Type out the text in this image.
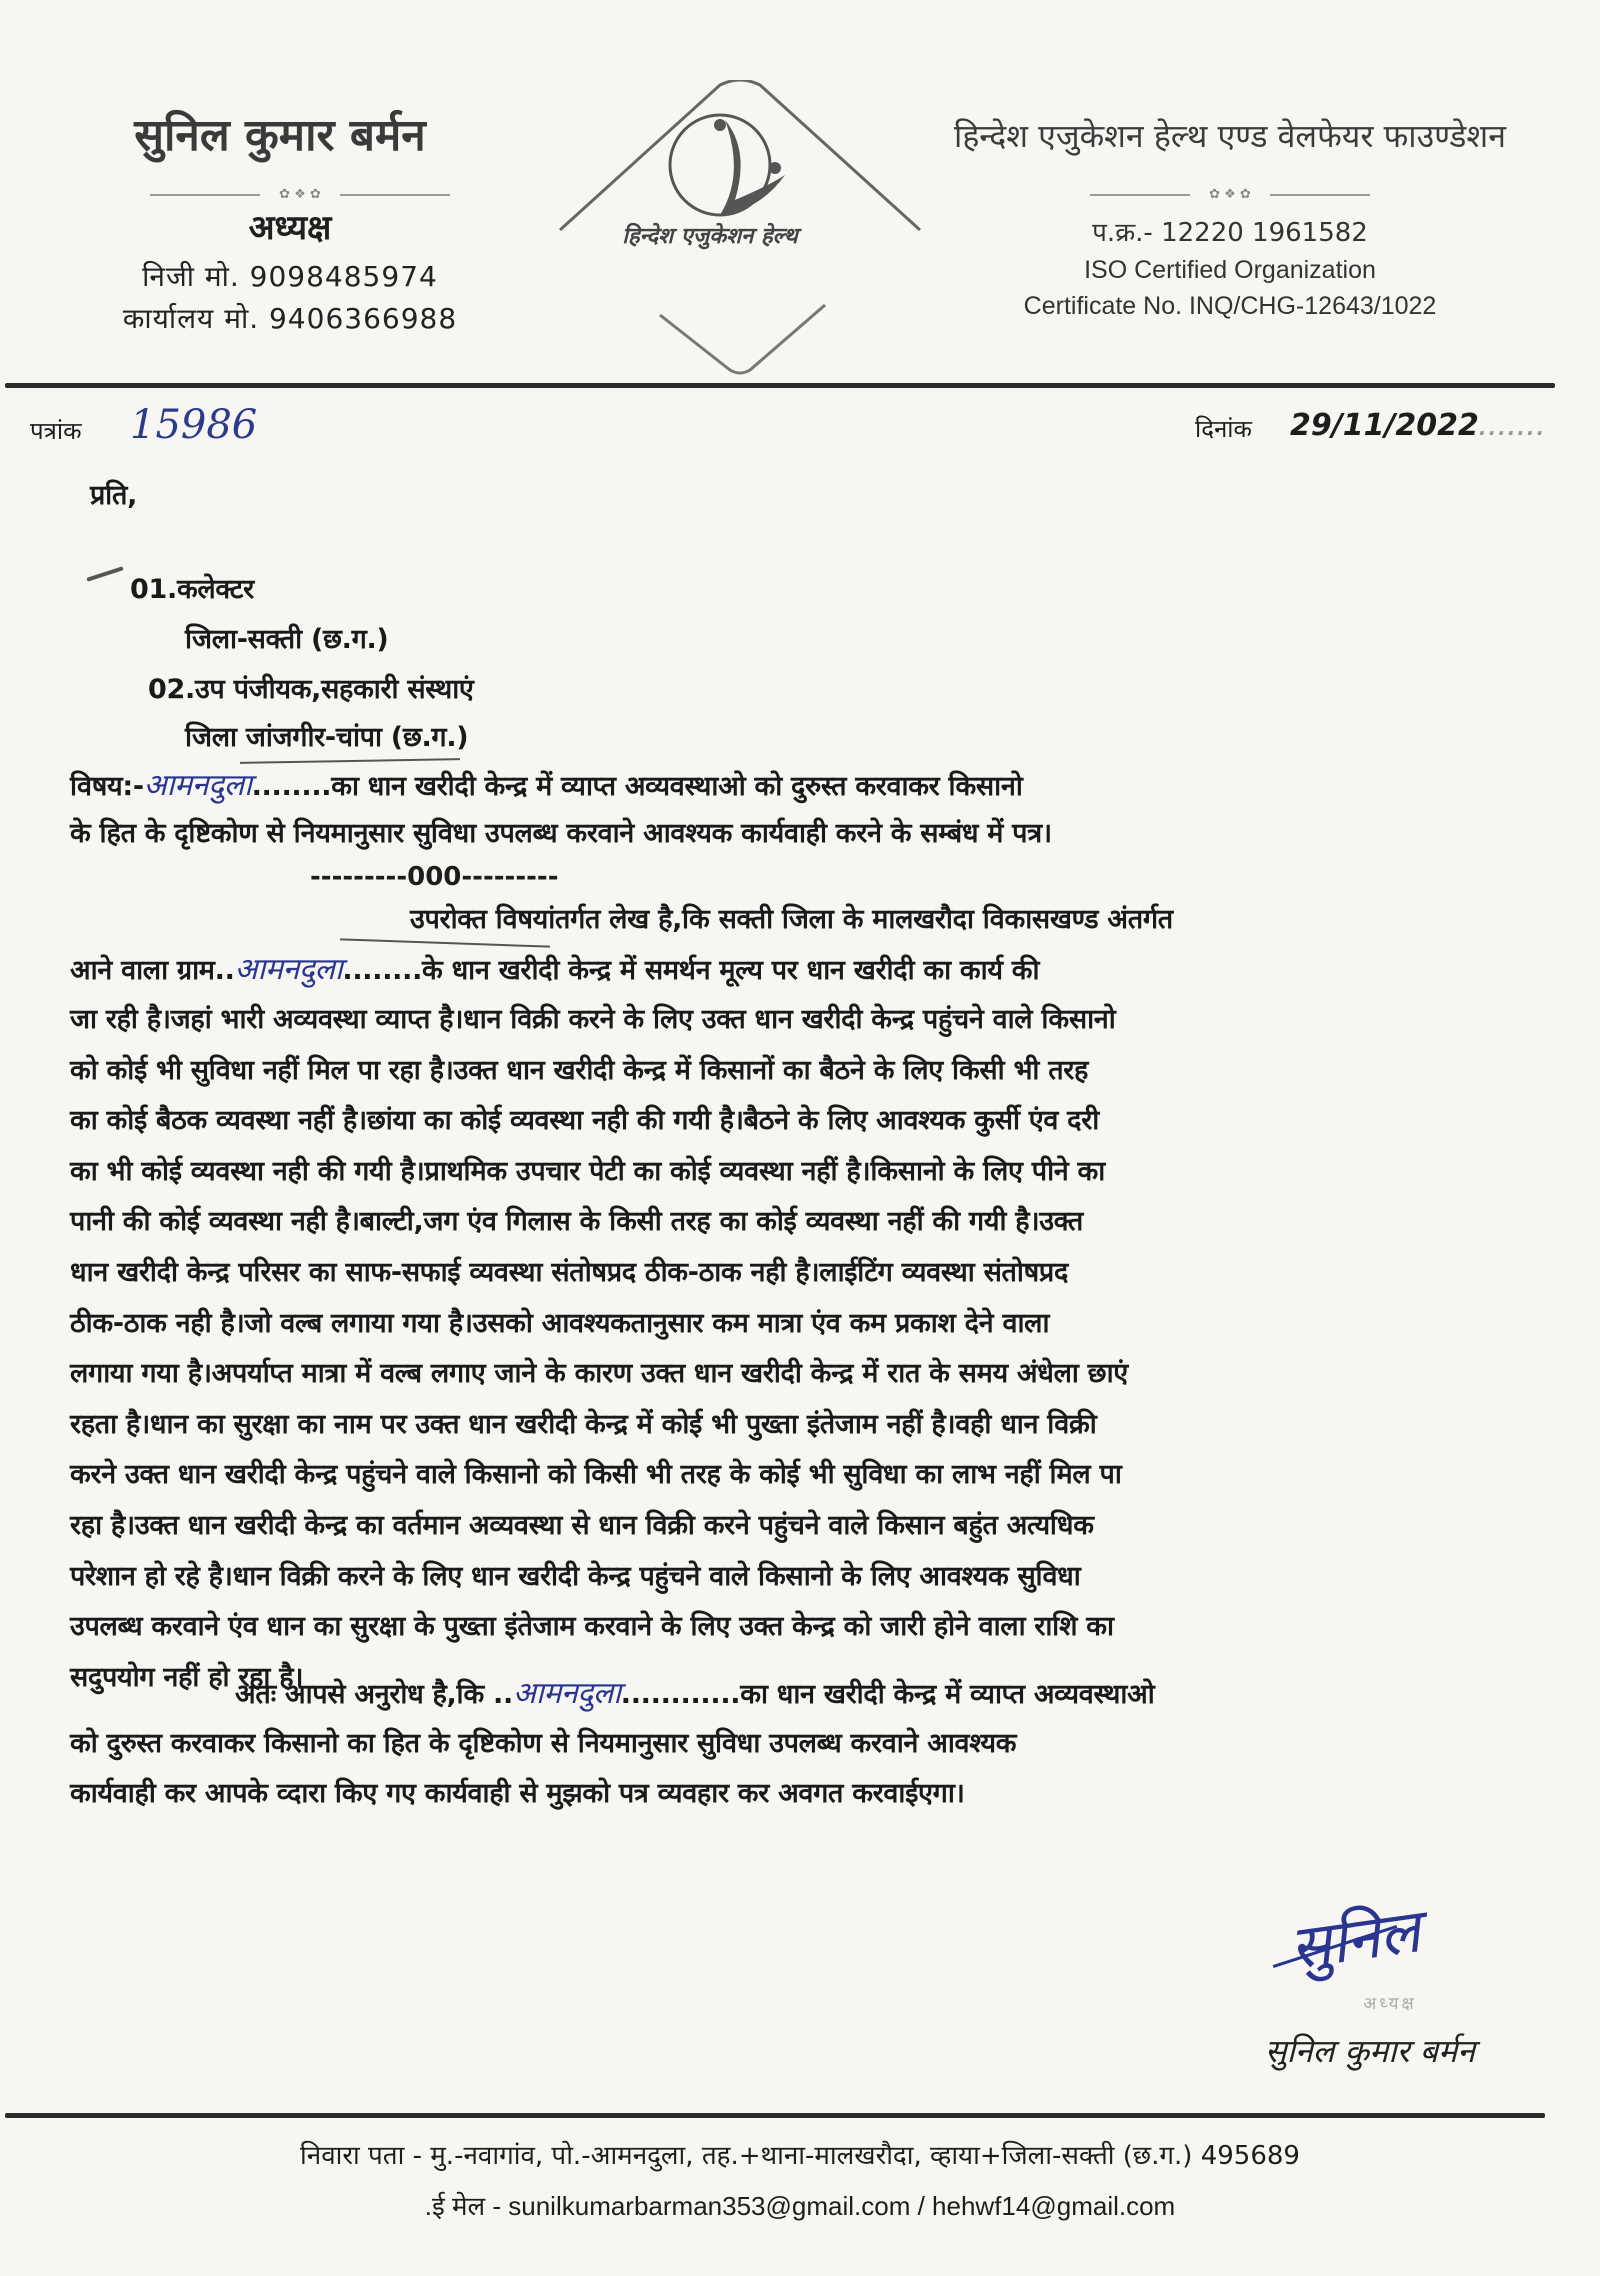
सुनिल कुमार बर्मन
✿ ❖ ✿
अध्यक्ष
निजी मो. 9098485974
कार्यालय मो. 9406366988
हिन्देश एजुकेशन हेल्थ
हिन्देश एजुकेशन हेल्थ एण्ड वेलफेयर फाउण्डेशन
✿ ❖ ✿
प.क्र.- 12220 1961582
ISO Certified Organization
Certificate No. INQ/CHG-12643/1022
पत्रांक 15986	दिनांक 29/11/2022.......
प्रति,
01.कलेक्टर
जिला-सक्ती (छ.ग.)
02.उप पंजीयक,सहकारी संस्थाएं
जिला जांजगीर-चांपा (छ.ग.)
विषय:-आमनदुला........का धान खरीदी केन्द्र में व्याप्त अव्यवस्थाओ को दुरुस्त करवाकर किसानो
के हित के दृष्टिकोण से नियमानुसार सुविधा उपलब्ध करवाने आवश्यक कार्यवाही करने के सम्बंध में पत्र।
---------000---------
उपरोक्त विषयांतर्गत लेख है,कि सक्ती जिला के मालखरौदा विकासखण्ड अंतर्गत
आने वाला ग्राम..आमनदुला........के धान खरीदी केन्द्र में समर्थन मूल्य पर धान खरीदी का कार्य की
जा रही है।जहां भारी अव्यवस्था व्याप्त है।धान विक्री करने के लिए उक्त धान खरीदी केन्द्र पहुंचने वाले किसानो
को कोई भी सुविधा नहीं मिल पा रहा है।उक्त धान खरीदी केन्द्र में किसानों का बैठने के लिए किसी भी तरह
का कोई बैठक व्यवस्था नहीं है।छांया का कोई व्यवस्था नही की गयी है।बैठने के लिए आवश्यक कुर्सी एंव दरी
का भी कोई व्यवस्था नही की गयी है।प्राथमिक उपचार पेटी का कोई व्यवस्था नहीं है।किसानो के लिए पीने का
पानी की कोई व्यवस्था नही है।बाल्टी,जग एंव गिलास के किसी तरह का कोई व्यवस्था नहीं की गयी है।उक्त
धान खरीदी केन्द्र परिसर का साफ-सफाई व्यवस्था संतोषप्रद ठीक-ठाक नही है।लाईटिंग व्यवस्था संतोषप्रद
ठीक-ठाक नही है।जो वल्ब लगाया गया है।उसको आवश्यकतानुसार कम मात्रा एंव कम प्रकाश देने वाला
लगाया गया है।अपर्याप्त मात्रा में वल्ब लगाए जाने के कारण उक्त धान खरीदी केन्द्र में रात के समय अंधेला छाएं
रहता है।धान का सुरक्षा का नाम पर उक्त धान खरीदी केन्द्र में कोई भी पुख्ता इंतेजाम नहीं है।वही धान विक्री
करने उक्त धान खरीदी केन्द्र पहुंचने वाले किसानो को किसी भी तरह के कोई भी सुविधा का लाभ नहीं मिल पा
रहा है।उक्त धान खरीदी केन्द्र का वर्तमान अव्यवस्था से धान विक्री करने पहुंचने वाले किसान बहुंत अत्यधिक
परेशान हो रहे है।धान विक्री करने के लिए धान खरीदी केन्द्र पहुंचने वाले किसानो के लिए आवश्यक सुविधा
उपलब्ध करवाने एंव धान का सुरक्षा के पुख्ता इंतेजाम करवाने के लिए उक्त केन्द्र को जारी होने वाला राशि का
सदुपयोग नहीं हो रहा है।
अतः आपसे अनुरोध है,कि ..आमनदुला............का धान खरीदी केन्द्र में व्याप्त अव्यवस्थाओ
को दुरुस्त करवाकर किसानो का हित के दृष्टिकोण से नियमानुसार सुविधा उपलब्ध करवाने आवश्यक
कार्यवाही कर आपके व्दारा किए गए कार्यवाही से मुझको पत्र व्यवहार कर अवगत करवाईएगा।
सुनिल
अध्यक्ष
सुनिल कुमार बर्मन
निवारा पता - मु.-नवागांव, पो.-आमनदुला, तह.+थाना-मालखरौदा, व्हाया+जिला-सक्ती (छ.ग.) 495689
.ई मेल - sunilkumarbarman353@gmail.com / hehwf14@gmail.com
